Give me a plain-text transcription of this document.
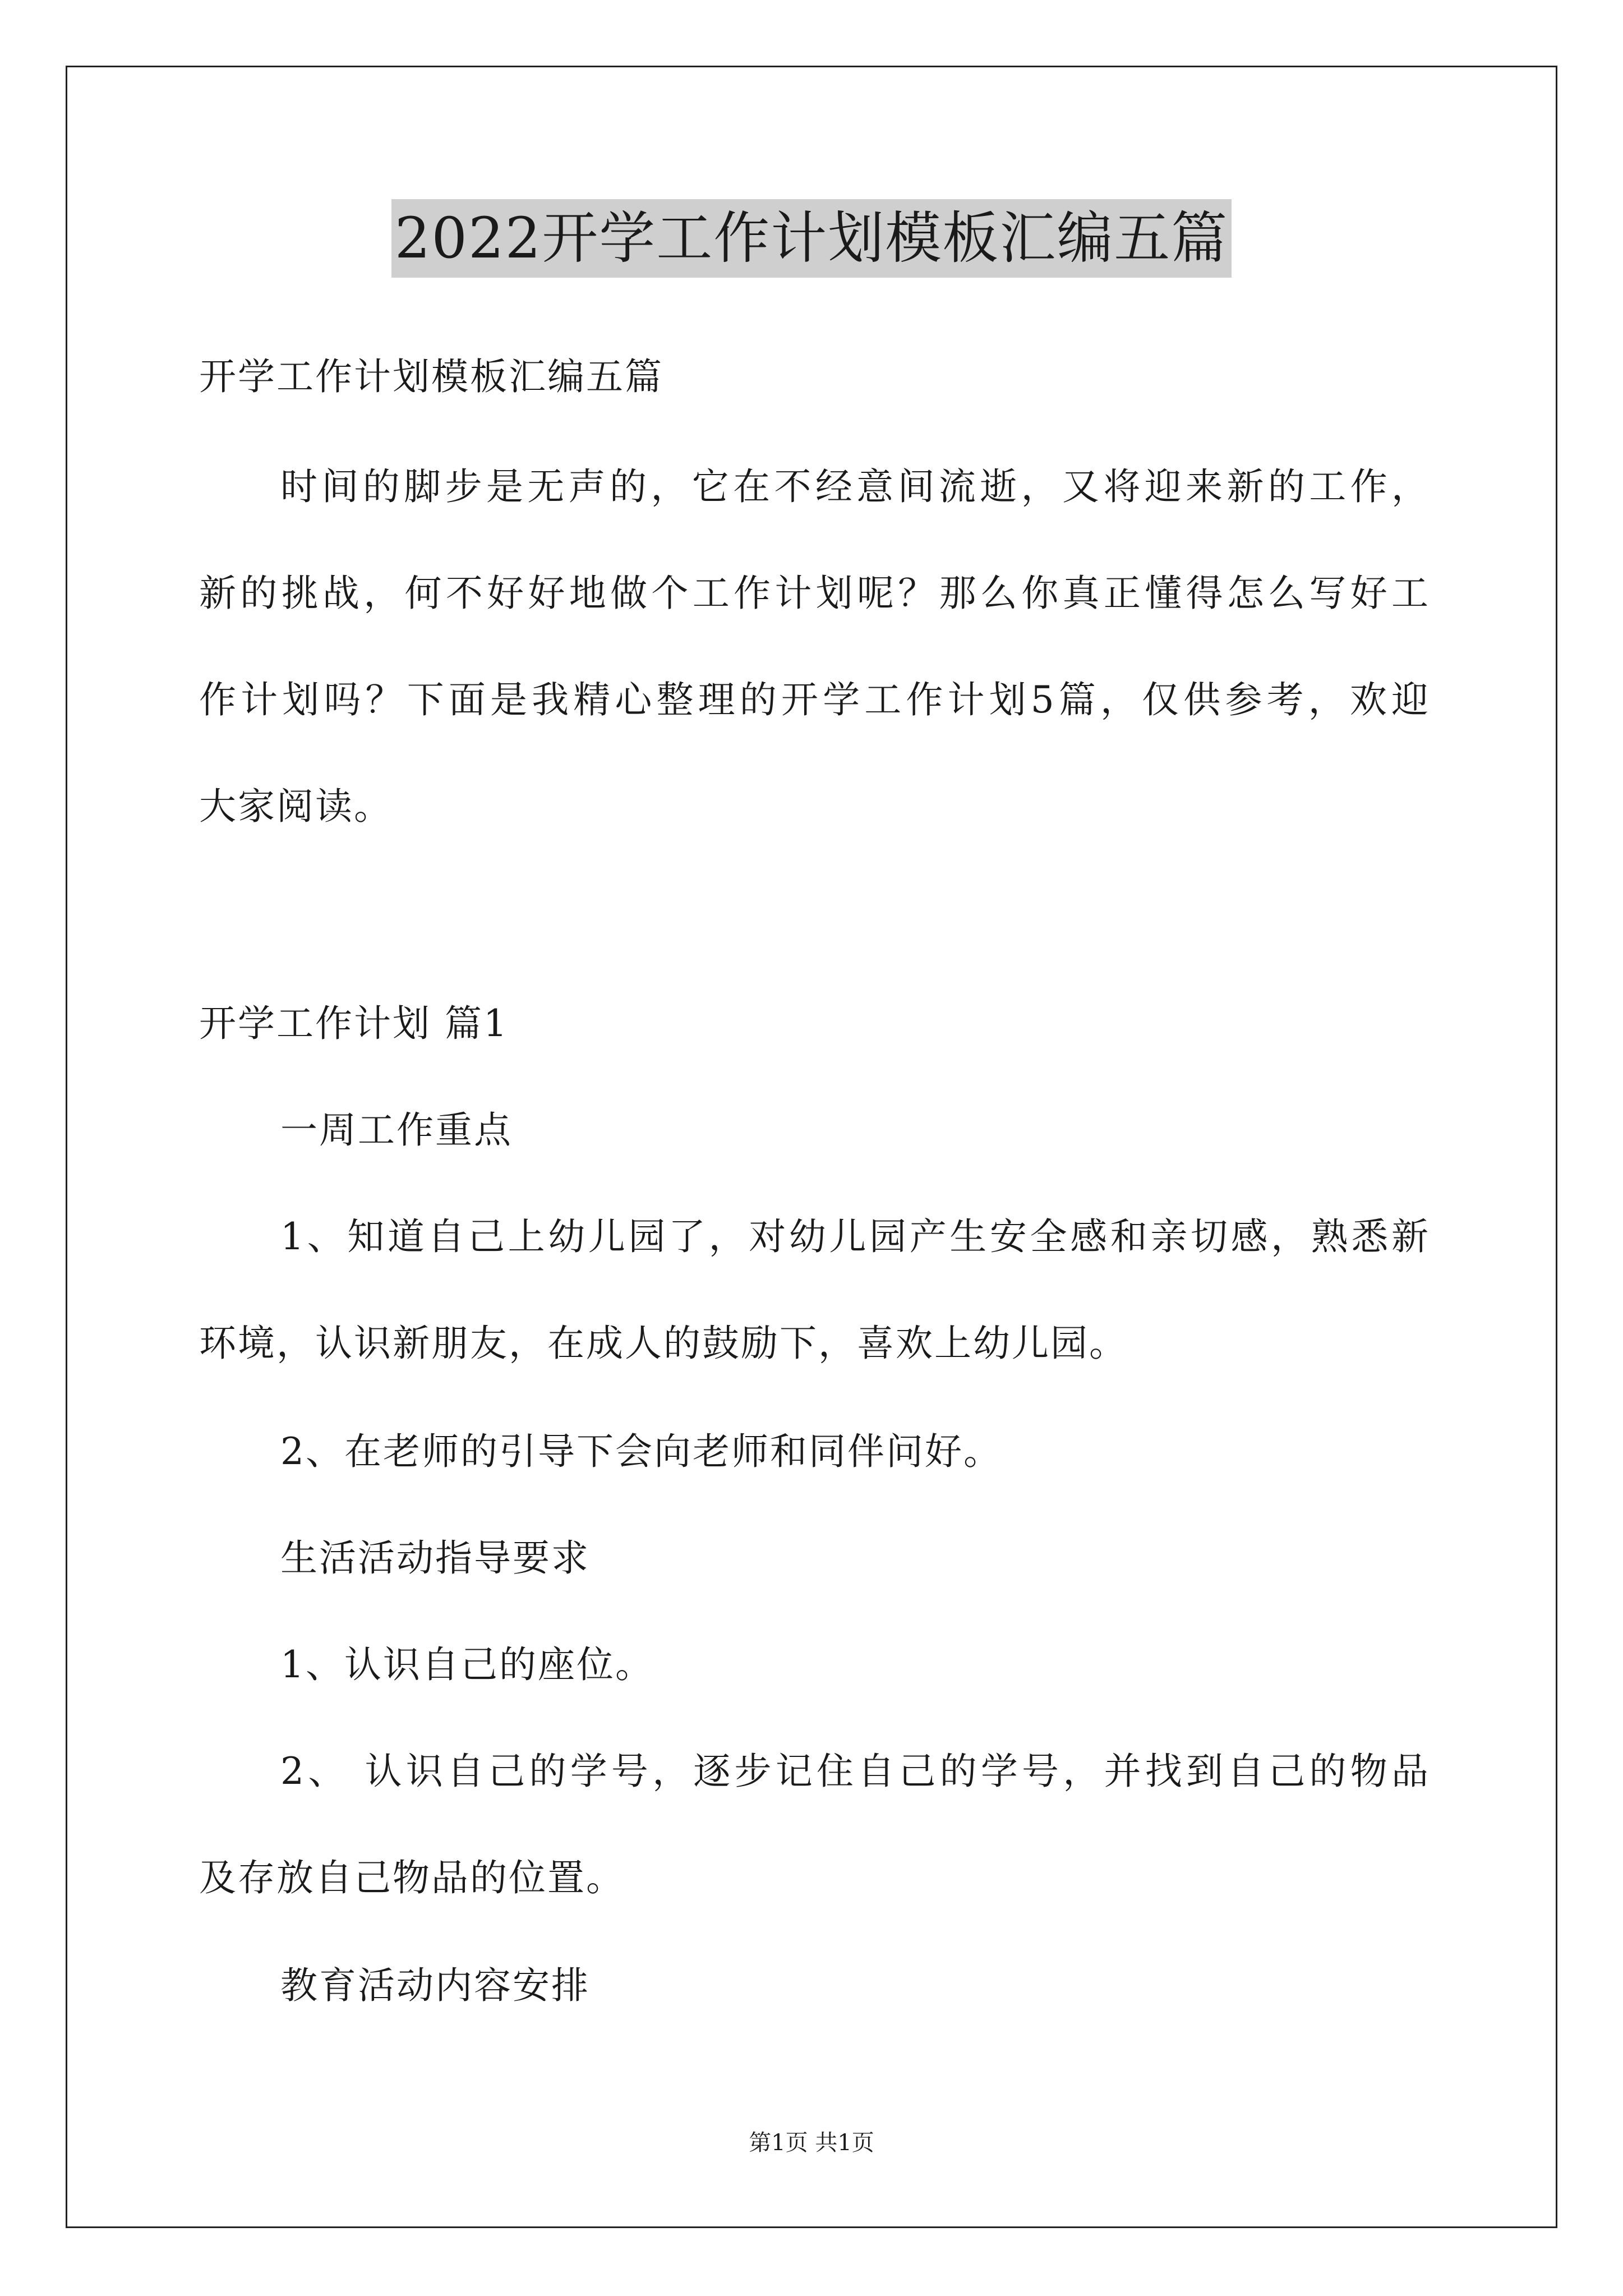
2022开学工作计划模板汇编五篇
开学工作计划模板汇编五篇
时间的脚步是无声的，它在不经意间流逝，又将迎来新的工作，
新的挑战，何不好好地做个工作计划呢？那么你真正懂得怎么写好工
作计划吗？下面是我精心整理的开学工作计划5篇，仅供参考，欢迎
大家阅读。
开学工作计划 篇1
一周工作重点
1、知道自己上幼儿园了，对幼儿园产生安全感和亲切感，熟悉新
环境，认识新朋友，在成人的鼓励下，喜欢上幼儿园。
2、在老师的引导下会向老师和同伴问好。
生活活动指导要求
1、认识自己的座位。
2、 认识自己的学号，逐步记住自己的学号，并找到自己的物品
及存放自己物品的位置。
教育活动内容安排
第1页 共1页
